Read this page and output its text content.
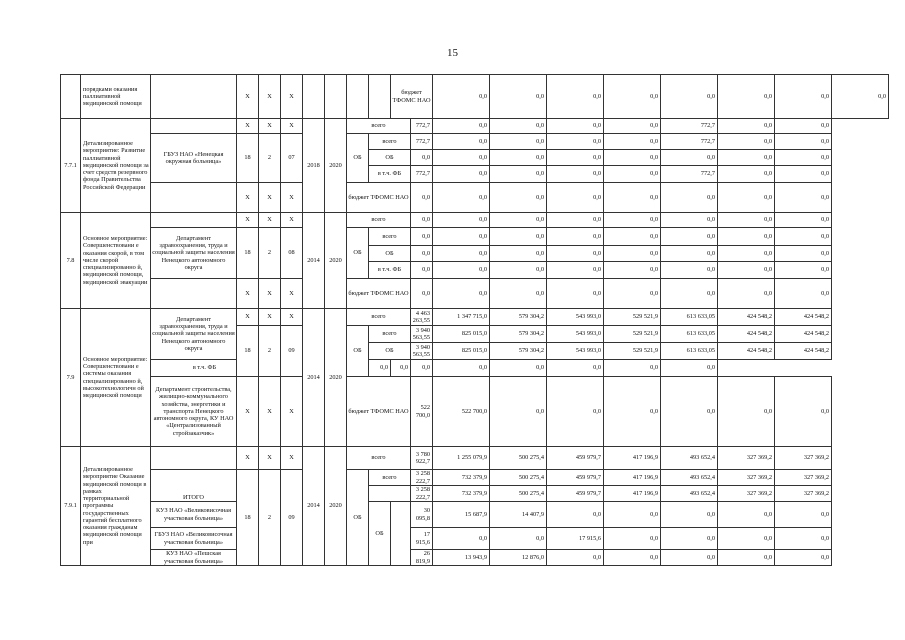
15
	порядками оказания паллиативной медицинской помощи		Х	Х	Х					бюджет ТФОМС НАО		0,0	0,0	0,0	0,0	0,0	0,0	0,0	0,0
7.7.1	Детализированное мероприятие: Развитие паллиативной медицинской помощи за счет средств резервного фонда Правительства Российской Федерации		Х	Х	Х	2018	2020	всего			772,7	0,0	0,0	0,0	0,0	772,7	0,0	0,0	
		ГБУЗ НАО «Ненецкая окружная больница»	18	2	07			ОБ	всего		772,7	0,0	0,0	0,0	0,0	772,7	0,0	0,0	
									ОБ		0,0	0,0	0,0	0,0	0,0	0,0	0,0	0,0	
									в т.ч. ФБ		772,7	0,0	0,0	0,0	0,0	772,7	0,0	0,0	
			Х	Х	Х			бюджет ТФОМС НАО			0,0	0,0	0,0	0,0	0,0	0,0	0,0	0,0	
7.8	Основное мероприятие: Совершенствовани е оказания скорой, в том числе скорой специализированно й, медицинской помощи, медицинской эвакуации		Х	Х	Х	2014	2020	всего			0,0	0,0	0,0	0,0	0,0	0,0	0,0	0,0	
		Департамент здравоохранения, труда и социальной защиты населения Ненецкого автономного округа	18	2	08			ОБ	всего		0,0	0,0	0,0	0,0	0,0	0,0	0,0	0,0	
									ОБ		0,0	0,0	0,0	0,0	0,0	0,0	0,0	0,0	
									в т.ч. ФБ		0,0	0,0	0,0	0,0	0,0	0,0	0,0	0,0	
			Х	Х	Х			бюджет ТФОМС НАО			0,0	0,0	0,0	0,0	0,0	0,0	0,0	0,0	
7.9	Основное мероприятие: Совершенствовани е системы оказания специализированно й, высокотехнологичн ой медицинской помощи	Департамент здравоохранения, труда и социальной защиты населения Ненецкого автономного округа	Х	Х	Х	2014	2020	всего			4 463 263,55	1 347 715,0	579 304,2	543 993,0	529 521,9	613 633,05	424 548,2	424 548,2	
			18	2	09			ОБ	всего		3 940 563,55	825 015,0	579 304,2	543 993,0	529 521,9	613 633,05	424 548,2	424 548,2	
									ОБ		3 940 563,55	825 015,0	579 304,2	543 993,0	529 521,9	613 633,05	424 548,2	424 548,2	
		в т.ч. ФБ							0,0	0,0	0,0	0,0	0,0	0,0	0,0	0,0			
		Департамент строительства, жилищно-коммунального хозяйства, энергетики и транспорта Ненецкого автономного округа, КУ НАО «Централизованный стройзаказчик»	Х	Х	Х			бюджет ТФОМС НАО			522 700,0	522 700,0	0,0	0,0	0,0	0,0	0,0	0,0	
7.9.1	Детализированное мероприятие Оказание медицинской помощи в рамках территориальной программы государственных гарантий бесплатного оказания гражданам медицинской помощи при		Х	Х	Х	2014	2020	всего			3 780 922,7	1 255 079,9	500 275,4	459 979,7	417 196,9	493 652,4	327 369,2	327 369,2	
		ИТОГО	18	2	09			ОБ	всего		3 258 222,7	732 379,9	500 275,4	459 979,7	417 196,9	493 652,4	327 369,2	327 369,2	
											3 258 222,7	732 379,9	500 275,4	459 979,7	417 196,9	493 652,4	327 369,2	327 369,2	
		КУЗ НАО «Великовисочная участковая больница»							ОБ		30 095,8	15 687,9	14 407,9	0,0	0,0	0,0	0,0	0,0	
		ГБУЗ НАО «Великовисочная участковая больница»									17 915,6	0,0	0,0	17 915,6	0,0	0,0	0,0	0,0	
		КУЗ НАО «Пешская участковая больница»									26 819,9	13 943,9	12 876,0	0,0	0,0	0,0	0,0	0,0	
